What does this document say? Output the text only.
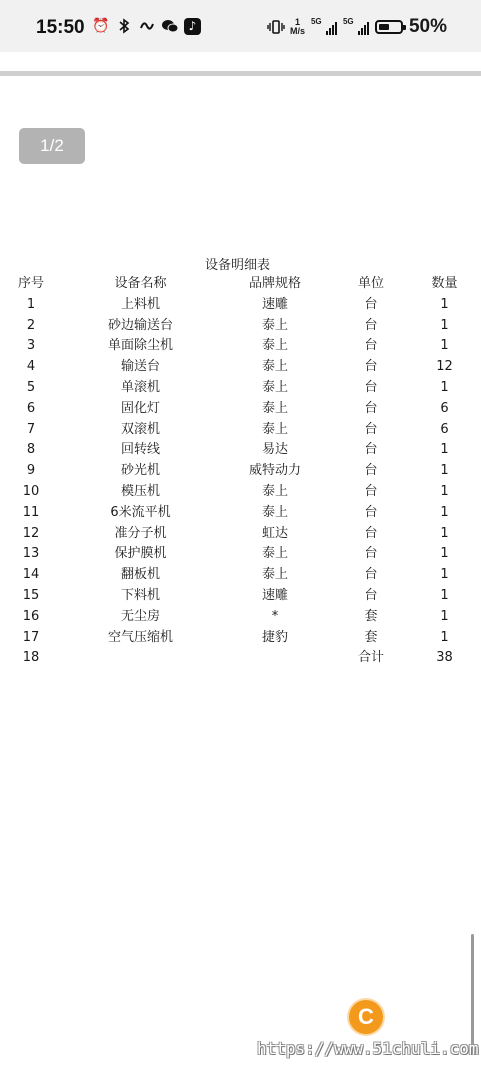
15:50 ⏰	♪	1
M/s
5G	5G	50%
1/2
设备明细表
序号	设备名称	品牌规格	单位	数量
1	上料机	速雕	台	1
2	砂边输送台	泰上	台	1
3	单面除尘机	泰上	台	1
4	输送台	泰上	台	12
5	单滚机	泰上	台	1
6	固化灯	泰上	台	6
7	双滚机	泰上	台	6
8	回转线	易达	台	1
9	砂光机	威特动力	台	1
10	模压机	泰上	台	1
11	6米流平机	泰上	台	1
12	准分子机	虹达	台	1
13	保护膜机	泰上	台	1
14	翻板机	泰上	台	1
15	下料机	速雕	台	1
16	无尘房	*	套	1
17	空气压缩机	捷豹	套	1
18			合计	38
C
https://www.51chuli.com
